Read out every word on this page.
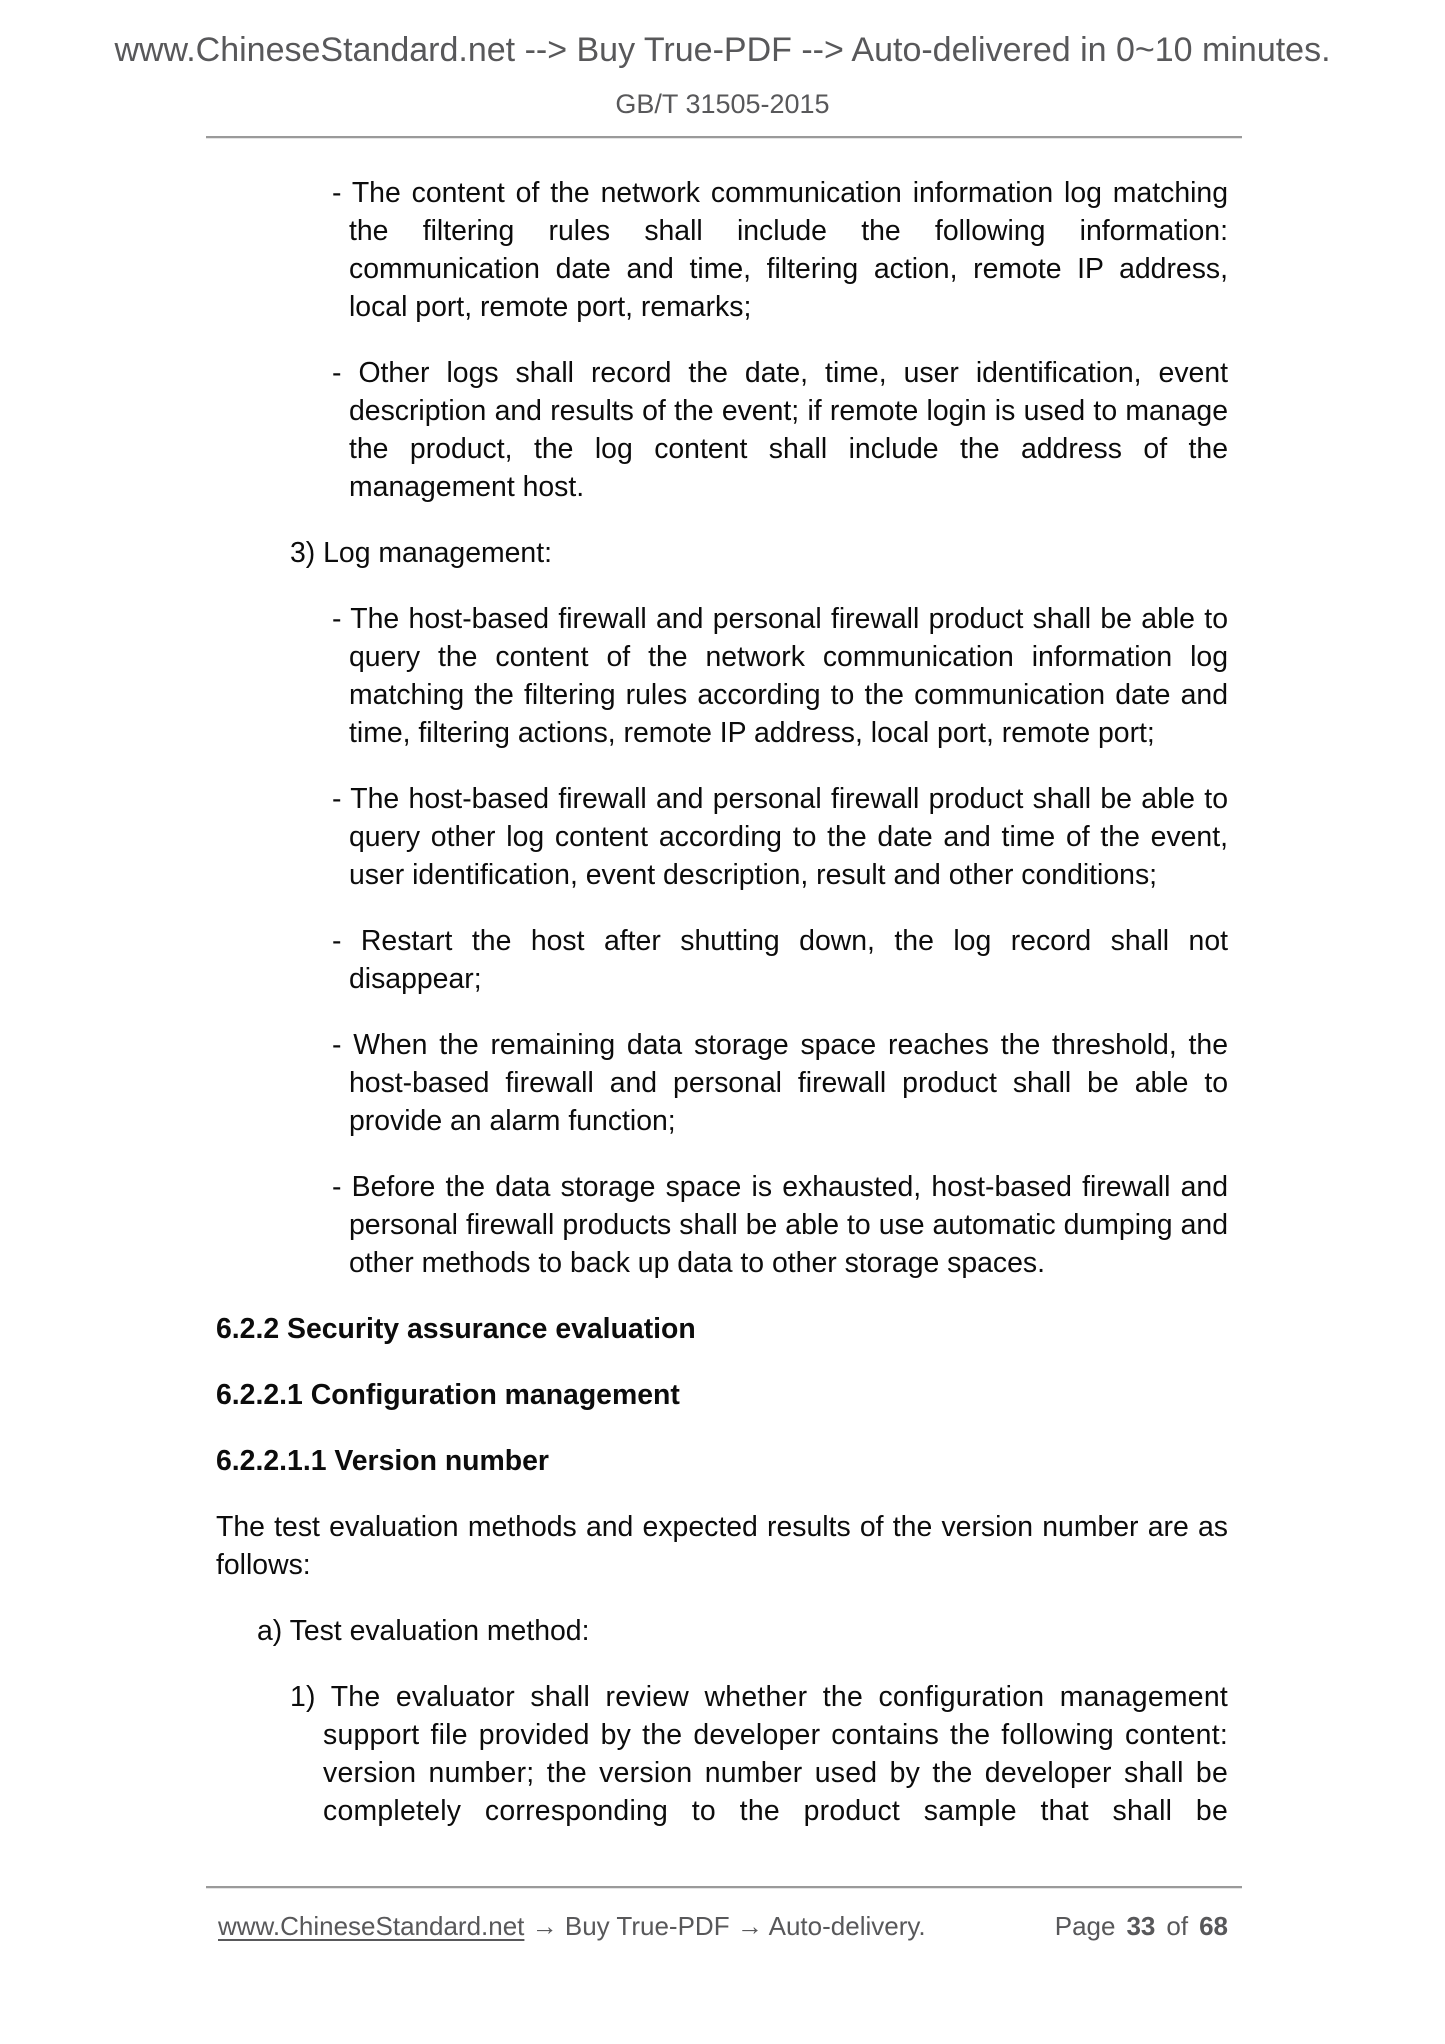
www.ChineseStandard.net --> Buy True-PDF --> Auto-delivered in 0~10 minutes.
GB/T 31505-2015

- The content of the network communication information log matching the filtering rules shall include the following information: communication date and time, filtering action, remote IP address, local port, remote port, remarks;

- Other logs shall record the date, time, user identification, event description and results of the event; if remote login is used to manage the product, the log content shall include the address of the management host.

3) Log management:

- The host-based firewall and personal firewall product shall be able to query the content of the network communication information log matching the filtering rules according to the communication date and time, filtering actions, remote IP address, local port, remote port;

- The host-based firewall and personal firewall product shall be able to query other log content according to the date and time of the event, user identification, event description, result and other conditions;

- Restart the host after shutting down, the log record shall not disappear;

- When the remaining data storage space reaches the threshold, the host-based firewall and personal firewall product shall be able to provide an alarm function;

- Before the data storage space is exhausted, host-based firewall and personal firewall products shall be able to use automatic dumping and other methods to back up data to other storage spaces.

6.2.2 Security assurance evaluation

6.2.2.1 Configuration management

6.2.2.1.1 Version number

The test evaluation methods and expected results of the version number are as follows:

a) Test evaluation method:

1) The evaluator shall review whether the configuration management support file provided by the developer contains the following content: version number; the version number used by the developer shall be completely corresponding to the product sample that shall be

www.ChineseStandard.net → Buy True-PDF → Auto-delivery.	Page 33 of 68
